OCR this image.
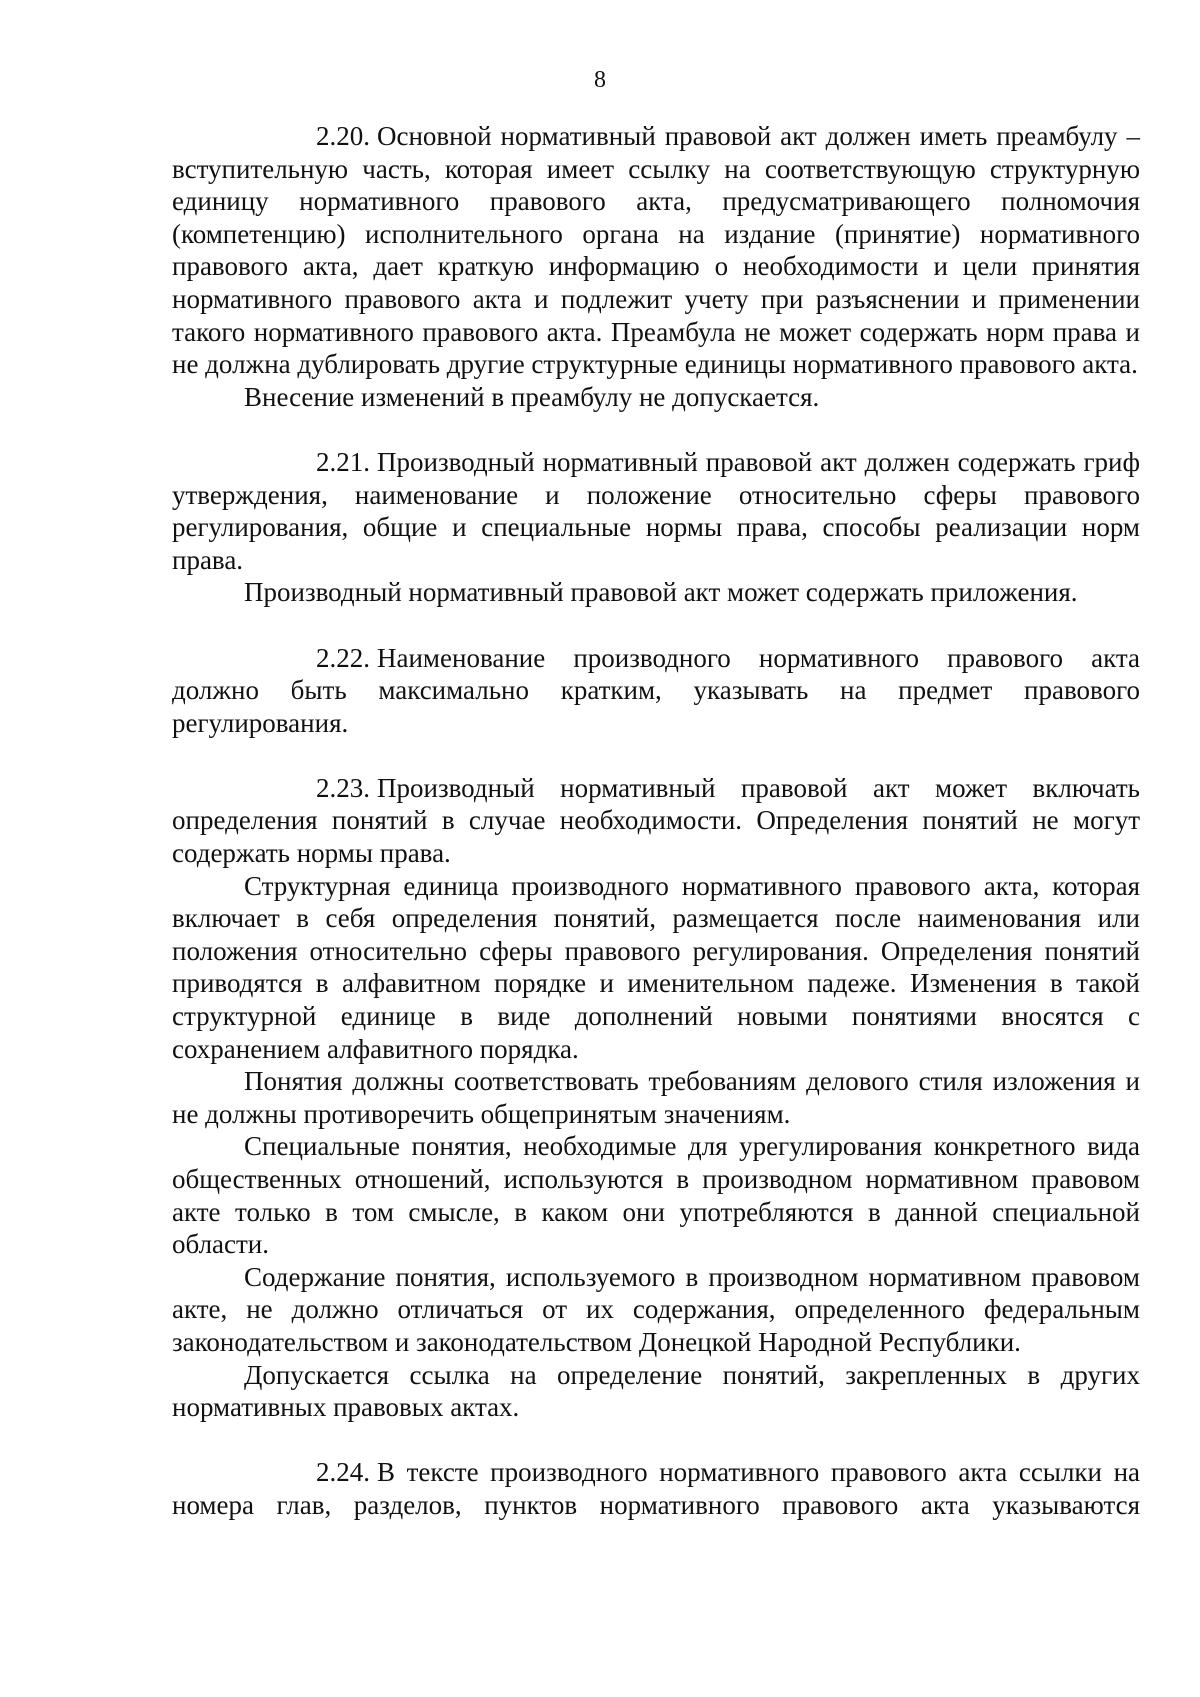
8

2.20. Основной нормативный правовой акт должен иметь преамбулу – вступительную часть, которая имеет ссылку на соответствующую структурную единицу нормативного правового акта, предусматривающего полномочия (компетенцию) исполнительного органа на издание (принятие) нормативного правового акта, дает краткую информацию о необходимости и цели принятия нормативного правового акта и подлежит учету при разъяснении и применении такого нормативного правового акта. Преамбула не может содержать норм права и не должна дублировать другие структурные единицы нормативного правового акта.

Внесение изменений в преамбулу не допускается.

2.21. Производный нормативный правовой акт должен содержать гриф утверждения, наименование и положение относительно сферы правового регулирования, общие и специальные нормы права, способы реализации норм права.

Производный нормативный правовой акт может содержать приложения.

2.22. Наименование производного нормативного правового акта должно быть максимально кратким, указывать на предмет правового регулирования.

2.23. Производный нормативный правовой акт может включать определения понятий в случае необходимости. Определения понятий не могут содержать нормы права.

Структурная единица производного нормативного правового акта, которая включает в себя определения понятий, размещается после наименования или положения относительно сферы правового регулирования. Определения понятий приводятся в алфавитном порядке и именительном падеже. Изменения в такой структурной единице в виде дополнений новыми понятиями вносятся с сохранением алфавитного порядка.

Понятия должны соответствовать требованиям делового стиля изложения и не должны противоречить общепринятым значениям.

Специальные понятия, необходимые для урегулирования конкретного вида общественных отношений, используются в производном нормативном правовом акте только в том смысле, в каком они употребляются в данной специальной области.

Содержание понятия, используемого в производном нормативном правовом акте, не должно отличаться от их содержания, определенного федеральным законодательством и законодательством Донецкой Народной Республики.

Допускается ссылка на определение понятий, закрепленных в других нормативных правовых актах.

2.24. В тексте производного нормативного правового акта ссылки на номера глав, разделов, пунктов нормативного правового акта указываются
